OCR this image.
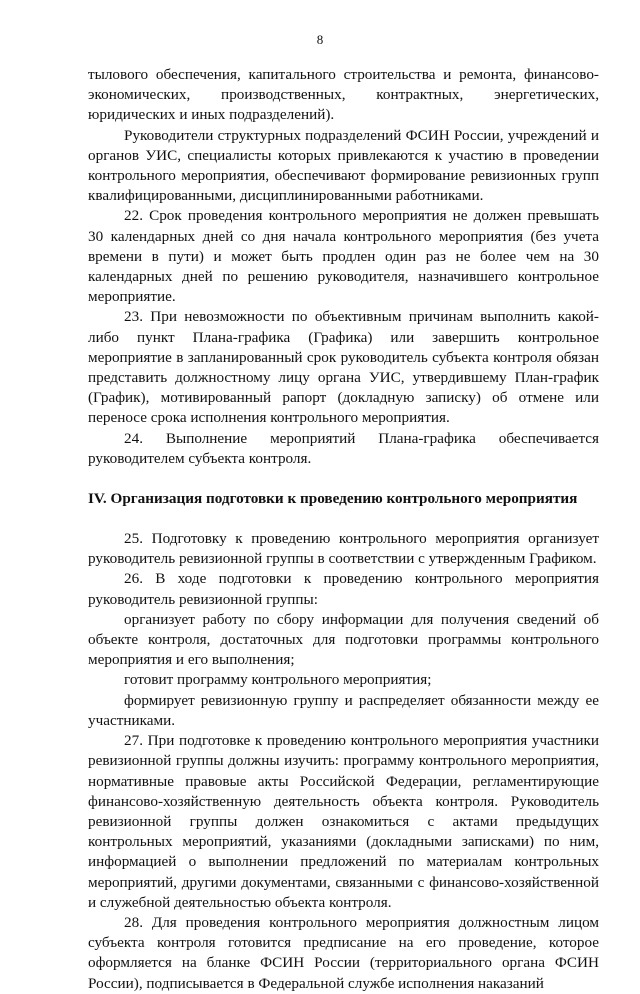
8

тылового обеспечения, капитального строительства и ремонта, финансово-экономических, производственных, контрактных, энергетических, юридических и иных подразделений).

Руководители структурных подразделений ФСИН России, учреждений и органов УИС, специалисты которых привлекаются к участию в проведении контрольного мероприятия, обеспечивают формирование ревизионных групп квалифицированными, дисциплинированными работниками.

22. Срок проведения контрольного мероприятия не должен превышать 30 календарных дней со дня начала контрольного мероприятия (без учета времени в пути) и может быть продлен один раз не более чем на 30 календарных дней по решению руководителя, назначившего контрольное мероприятие.

23. При невозможности по объективным причинам выполнить какой-либо пункт Плана-графика (Графика) или завершить контрольное мероприятие в запланированный срок руководитель субъекта контроля обязан представить должностному лицу органа УИС, утвердившему План-график (График), мотивированный рапорт (докладную записку) об отмене или переносе срока исполнения контрольного мероприятия.

24. Выполнение мероприятий Плана-графика обеспечивается руководителем субъекта контроля.

IV. Организация подготовки к проведению контрольного мероприятия

25. Подготовку к проведению контрольного мероприятия организует руководитель ревизионной группы в соответствии с утвержденным Графиком.

26. В ходе подготовки к проведению контрольного мероприятия руководитель ревизионной группы:

организует работу по сбору информации для получения сведений об объекте контроля, достаточных для подготовки программы контрольного мероприятия и его выполнения;

готовит программу контрольного мероприятия;

формирует ревизионную группу и распределяет обязанности между ее участниками.

27. При подготовке к проведению контрольного мероприятия участники ревизионной группы должны изучить: программу контрольного мероприятия, нормативные правовые акты Российской Федерации, регламентирующие финансово-хозяйственную деятельность объекта контроля. Руководитель ревизионной группы должен ознакомиться с актами предыдущих контрольных мероприятий, указаниями (докладными записками) по ним, информацией о выполнении предложений по материалам контрольных мероприятий, другими документами, связанными с финансово-хозяйственной и служебной деятельностью объекта контроля.

28. Для проведения контрольного мероприятия должностным лицом субъекта контроля готовится предписание на его проведение, которое оформляется на бланке ФСИН России (территориального органа ФСИН России), подписывается в Федеральной службе исполнения наказаний
